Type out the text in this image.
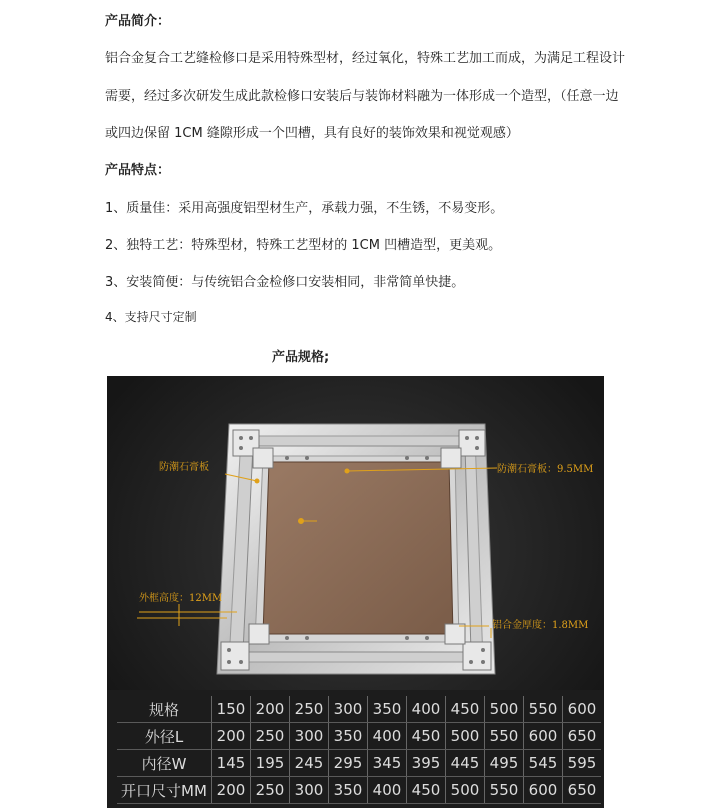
产品简介：
铝合金复合工艺缝检修口是采用特殊型材，经过氧化，特殊工艺加工而成，为满足工程设计
需要，经过多次研发生成此款检修口安装后与装饰材料融为一体形成一个造型，（任意一边
或四边保留 1CM 缝隙形成一个凹槽，具有良好的装饰效果和视觉观感）
产品特点：
1、质量佳：采用高强度铝型材生产，承载力强，不生锈，不易变形。
2、独特工艺：特殊型材，特殊工艺型材的 1CM 凹槽造型，更美观。
3、安装简便：与传统铝合金检修口安装相同，非常简单快捷。
4、支持尺寸定制
产品规格;
防潮石膏板	防潮石膏板：9.5MM
外框高度：12MM
铝合金厚度：1.8MM
规格	150	200	250	300	350	400	450	500	550	600
外径L	200	250	300	350	400	450	500	550	600	650
内径W	145	195	245	295	345	395	445	495	545	595
开口尺寸MM	200	250	300	350	400	450	500	550	600	650
